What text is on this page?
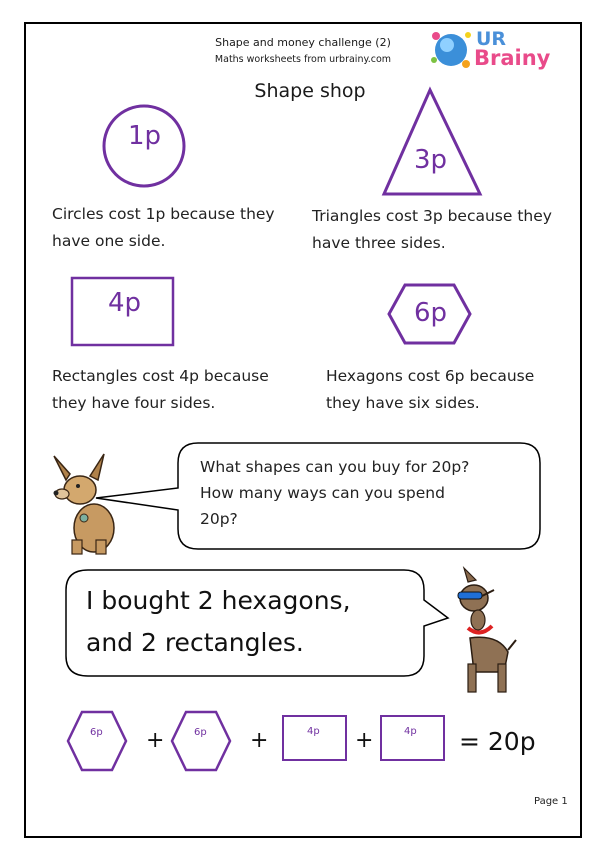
Shape and money challenge (2)
Maths worksheets from urbrainy.com
UR
Brainy
Shape shop
1p
3p
4p	6p
Circles cost 1p because they
have one side.
Triangles cost 3p because they
have three sides.
Rectangles cost 4p because
they have four sides.
Hexagons cost 6p because
they have six sides.
What shapes can you buy for 20p?
How many ways can you spend
20p?
I bought 2 hexagons,
and 2 rectangles.
6p	6p	4p	4p
+	+	+	= 20p
Page 1
